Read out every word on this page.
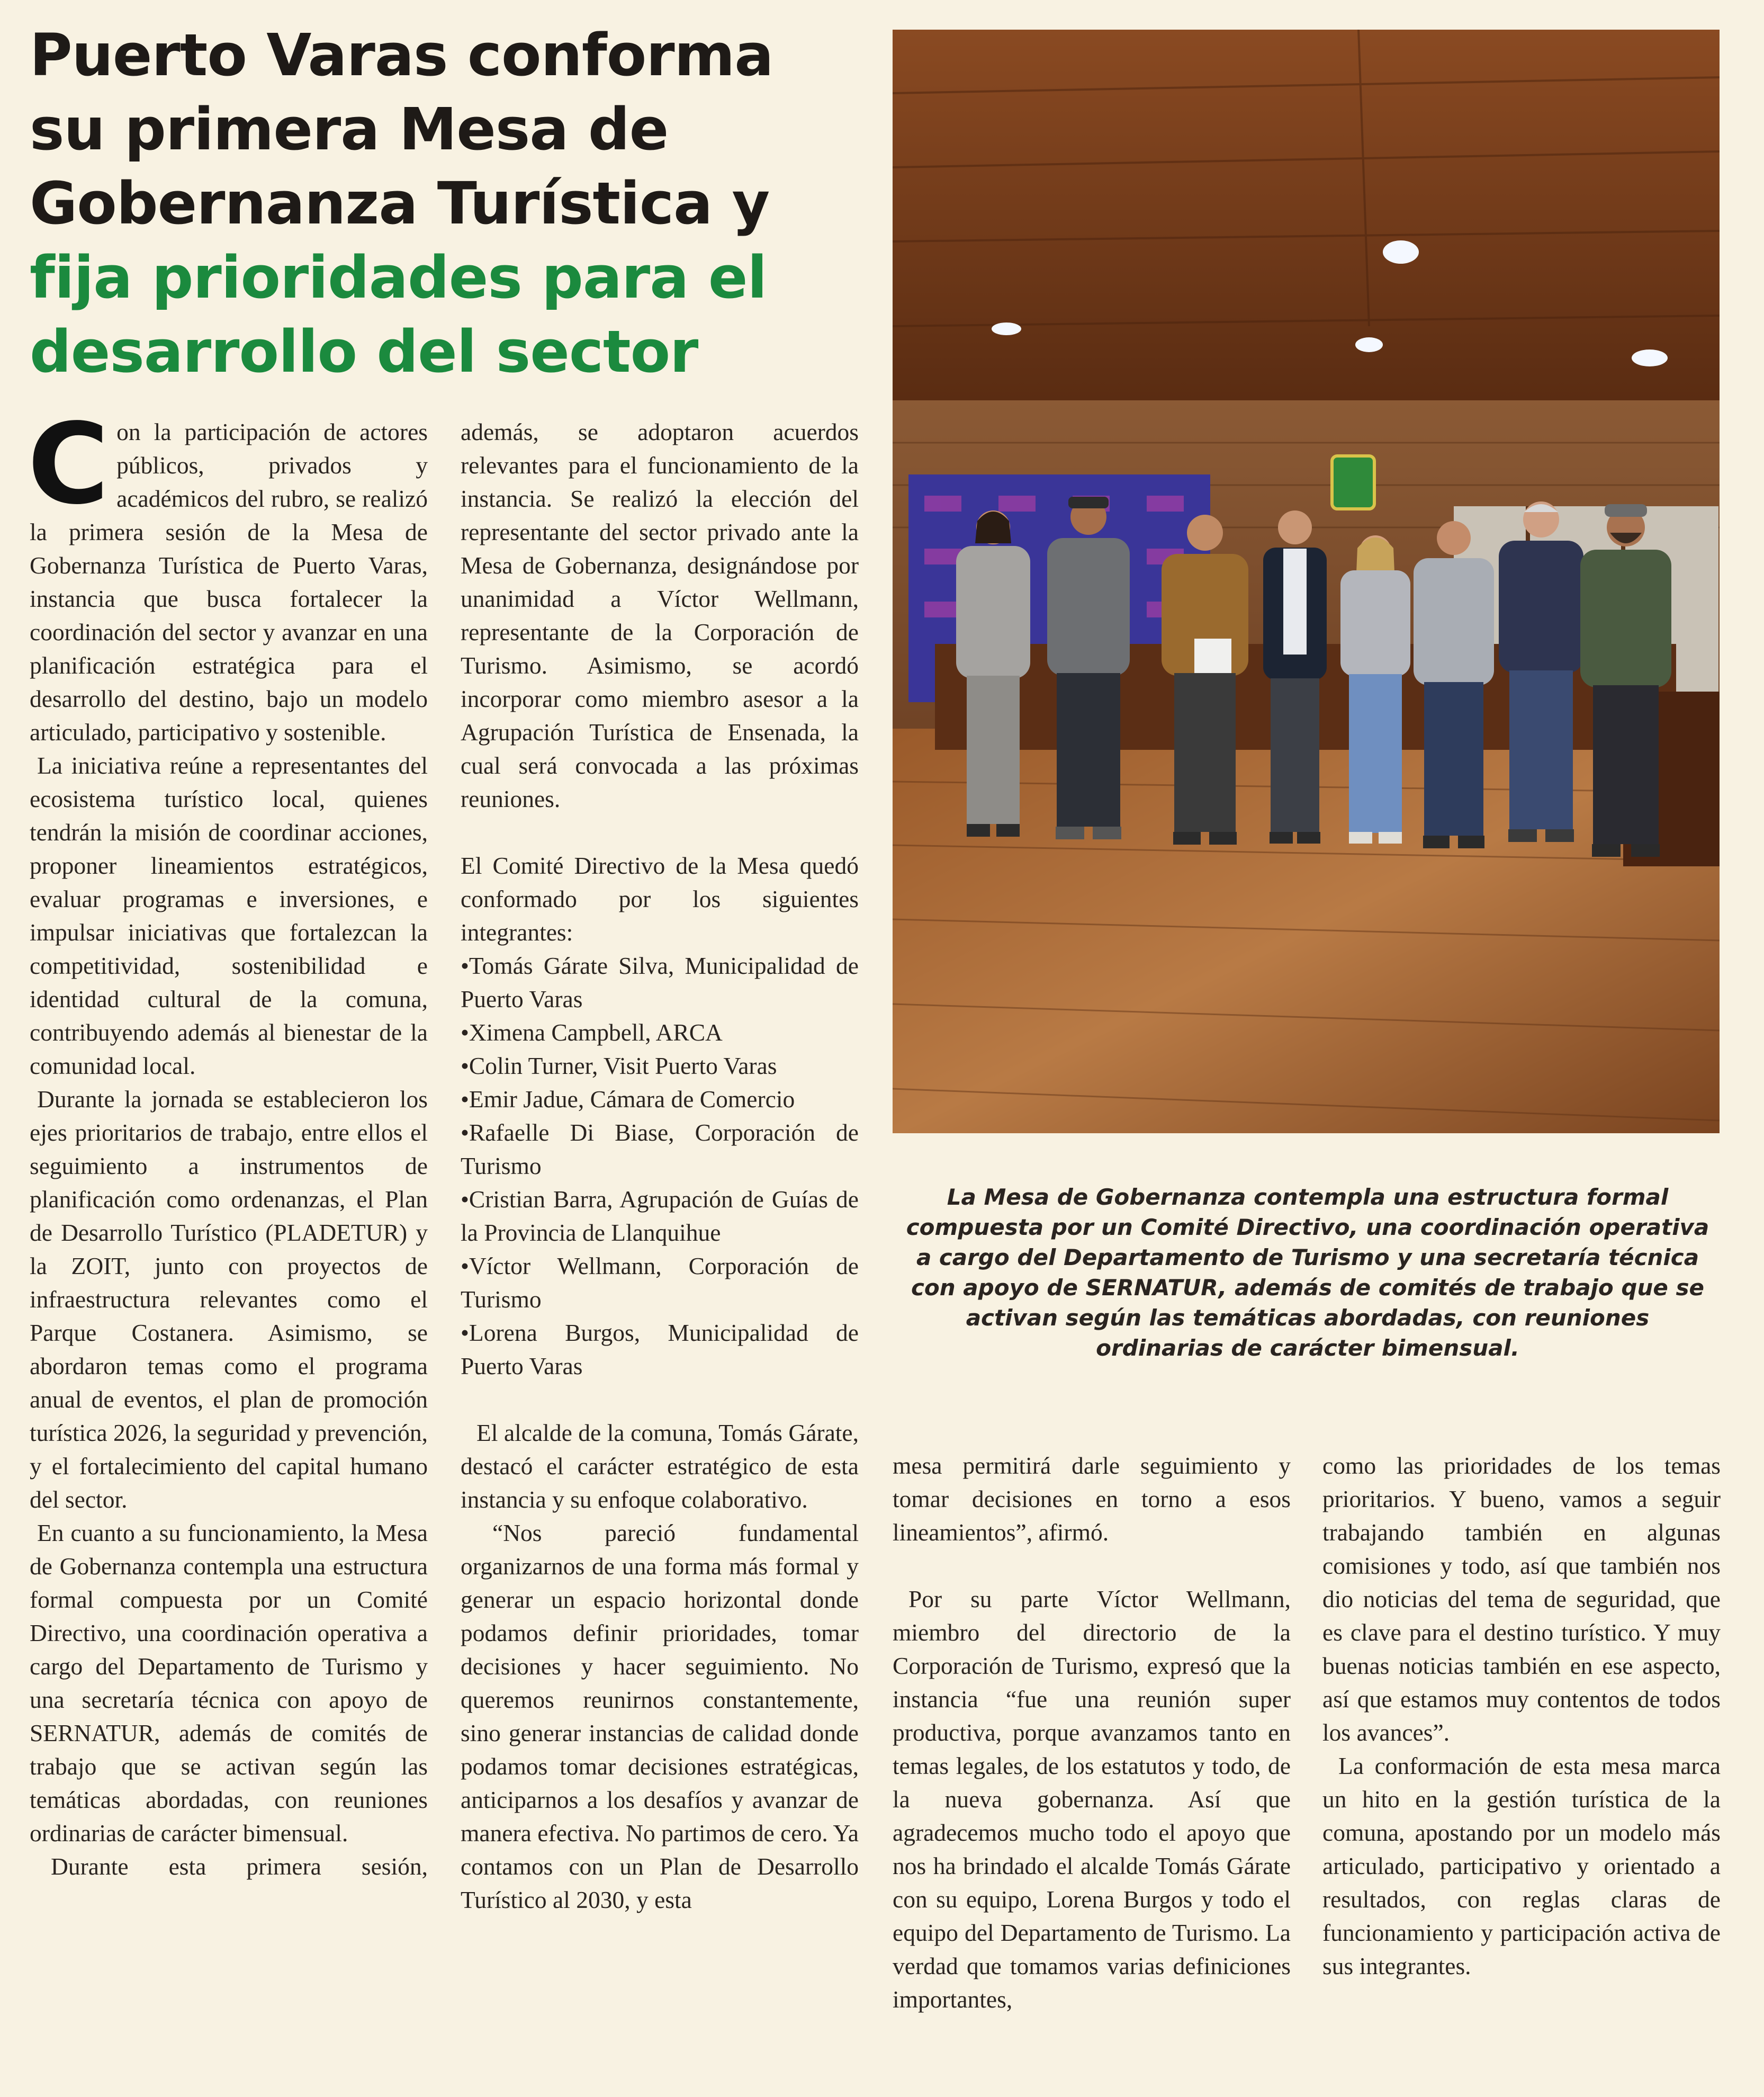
Puerto Varas conforma
su primera Mesa de
Gobernanza Turística y
fija prioridades para el
desarrollo del sector

Con la participación de actores públicos, privados y académicos del rubro, se realizó la primera sesión de la Mesa de Gobernanza Turística de Puerto Varas, instancia que busca fortalecer la coordinación del sector y avanzar en una planificación estratégica para el desarrollo del destino, bajo un modelo articulado, participativo y sostenible.

La iniciativa reúne a representantes del ecosistema turístico local, quienes tendrán la misión de coordinar acciones, proponer lineamientos estratégicos, evaluar programas e inversiones, e impulsar iniciativas que fortalezcan la competitividad, sostenibilidad e identidad cultural de la comuna, contribuyendo además al bienestar de la comunidad local.

Durante la jornada se establecieron los ejes prioritarios de trabajo, entre ellos el seguimiento a instrumentos de planificación como ordenanzas, el Plan de Desarrollo Turístico (PLADETUR) y la ZOIT, junto con proyectos de infraestructura relevantes como el Parque Costanera. Asimismo, se abordaron temas como el programa anual de eventos, el plan de promoción turística 2026, la seguridad y prevención, y el fortalecimiento del capital humano del sector.

En cuanto a su funcionamiento, la Mesa de Gobernanza contempla una estructura formal compuesta por un Comité Directivo, una coordinación operativa a cargo del Departamento de Turismo y una secretaría técnica con apoyo de SERNATUR, además de comités de trabajo que se activan según las temáticas abordadas, con reuniones ordinarias de carácter bimensual.

Durante esta primera sesión,

además, se adoptaron acuerdos relevantes para el funcionamiento de la instancia. Se realizó la elección del representante del sector privado ante la Mesa de Gobernanza, designándose por unanimidad a Víctor Wellmann, representante de la Corporación de Turismo. Asimismo, se acordó incorporar como miembro asesor a la Agrupación Turística de Ensenada, la cual será convocada a las próximas reuniones.

El Comité Directivo de la Mesa quedó conformado por los siguientes integrantes:

•Tomás Gárate Silva, Municipalidad de Puerto Varas

•Ximena Campbell, ARCA

•Colin Turner, Visit Puerto Varas

•Emir Jadue, Cámara de Comercio

•Rafaelle Di Biase, Corporación de Turismo

•Cristian Barra, Agrupación de Guías de la Provincia de Llanquihue

•Víctor Wellmann, Corporación de Turismo

•Lorena Burgos, Municipalidad de Puerto Varas

El alcalde de la comuna, Tomás Gárate, destacó el carácter estratégico de esta instancia y su enfoque colaborativo.

“Nos pareció fundamental organizarnos de una forma más formal y generar un espacio horizontal donde podamos definir prioridades, tomar decisiones y hacer seguimiento. No queremos reunirnos constantemente, sino generar instancias de calidad donde podamos tomar decisiones estratégicas, anticiparnos a los desafíos y avanzar de manera efectiva. No partimos de cero. Ya contamos con un Plan de Desarrollo Turístico al 2030, y esta

mesa permitirá darle seguimiento y tomar decisiones en torno a esos lineamientos”, afirmó.

Por su parte Víctor Wellmann, miembro del directorio de la Corporación de Turismo, expresó que la instancia “fue una reunión super productiva, porque avanzamos tanto en temas legales, de los estatutos y todo, de la nueva gobernanza. Así que agradecemos mucho todo el apoyo que nos ha brindado el alcalde Tomás Gárate con su equipo, Lorena Burgos y todo el equipo del Departamento de Turismo. La verdad que tomamos varias definiciones importantes,

como las prioridades de los temas prioritarios. Y bueno, vamos a seguir trabajando también en algunas comisiones y todo, así que también nos dio noticias del tema de seguridad, que es clave para el destino turístico. Y muy buenas noticias también en ese aspecto, así que estamos muy contentos de todos los avances”.

La conformación de esta mesa marca un hito en la gestión turística de la comuna, apostando por un modelo más articulado, participativo y orientado a resultados, con reglas claras de funcionamiento y participación activa de sus integrantes.

La Mesa de Gobernanza contempla una estructura formal compuesta por un Comité Directivo, una coordinación operativa a cargo del Departamento de Turismo y una secretaría técnica con apoyo de SERNATUR, además de comités de trabajo que se activan según las temáticas abordadas, con reuniones ordinarias de carácter bimensual.
